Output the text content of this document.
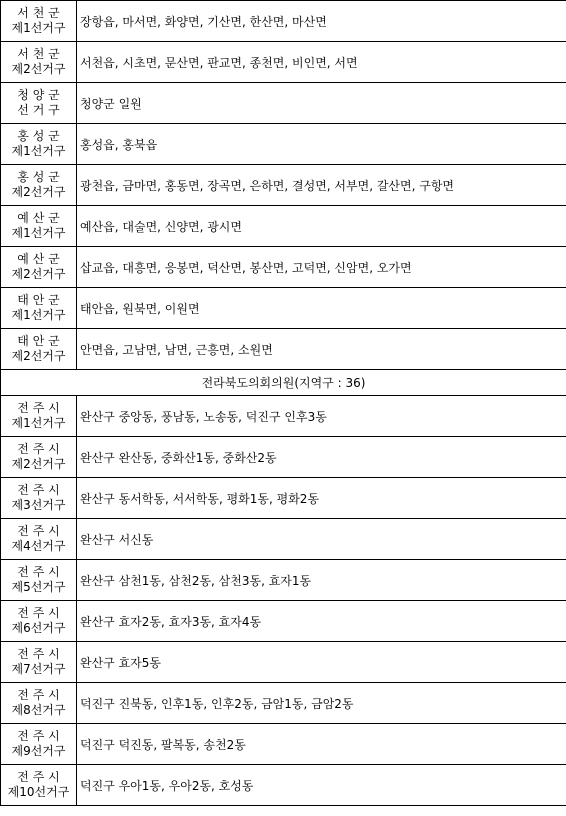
서 천 군
제1선거구	장항읍, 마서면, 화양면, 기산면, 한산면, 마산면

서 천 군
제2선거구	서천읍, 시초면, 문산면, 판교면, 종천면, 비인면, 서면

청 양 군
선 거 구	청양군 일원

홍 성 군
제1선거구	홍성읍, 홍북읍

홍 성 군
제2선거구	광천읍, 금마면, 홍동면, 장곡면, 은하면, 결성면, 서부면, 갈산면, 구항면

예 산 군
제1선거구	예산읍, 대술면, 신양면, 광시면

예 산 군
제2선거구	삽교읍, 대흥면, 응봉면, 덕산면, 봉산면, 고덕면, 신암면, 오가면

태 안 군
제1선거구	태안읍, 원북면, 이원면

태 안 군
제2선거구	안면읍, 고남면, 남면, 근흥면, 소원면
전라북도의회의원(지역구 : 36)	

전 주 시
제1선거구	완산구 중앙동, 풍남동, 노송동, 덕진구 인후3동

전 주 시
제2선거구	완산구 완산동, 중화산1동, 중화산2동

전 주 시
제3선거구	완산구 동서학동, 서서학동, 평화1동, 평화2동

전 주 시
제4선거구	완산구 서신동

전 주 시
제5선거구	완산구 삼천1동, 삼천2동, 삼천3동, 효자1동

전 주 시
제6선거구	완산구 효자2동, 효자3동, 효자4동

전 주 시
제7선거구	완산구 효자5동

전 주 시
제8선거구	덕진구 진북동, 인후1동, 인후2동, 금암1동, 금암2동

전 주 시
제9선거구	덕진구 덕진동, 팔복동, 송천2동

전 주 시
제10선거구	덕진구 우아1동, 우아2동, 호성동
